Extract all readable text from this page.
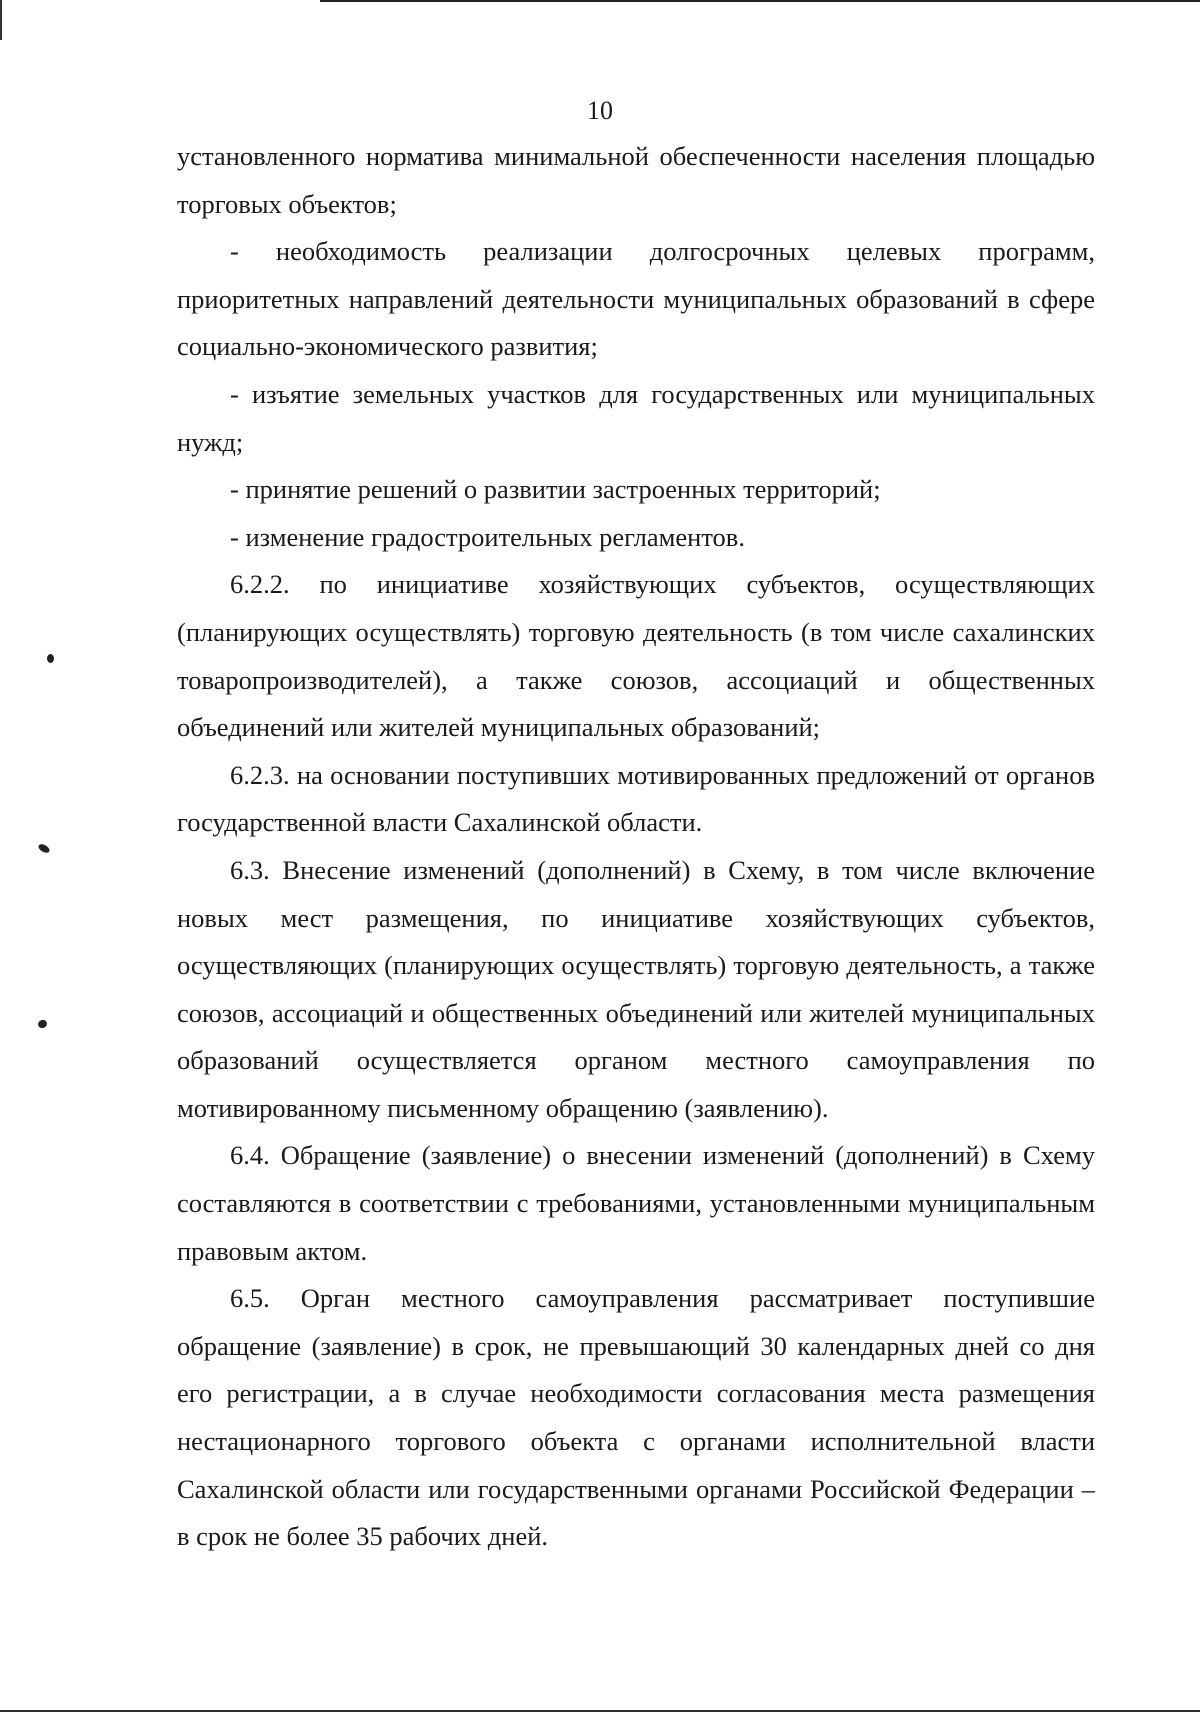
10

установленного норматива минимальной обеспеченности населения площадью торговых объектов;

- необходимость реализации долгосрочных целевых программ, приоритетных направлений деятельности муниципальных образований в сфере социально-экономического развития;

- изъятие земельных участков для государственных или муниципальных нужд;

- принятие решений о развитии застроенных территорий;

- изменение градостроительных регламентов.

6.2.2. по инициативе хозяйствующих субъектов, осуществляющих (планирующих осуществлять) торговую деятельность (в том числе сахалинских товаропроизводителей), а также союзов, ассоциаций и общественных объединений или жителей муниципальных образований;

6.2.3. на основании поступивших мотивированных предложений от органов государственной власти Сахалинской области.

6.3. Внесение изменений (дополнений) в Схему, в том числе включение новых мест размещения, по инициативе хозяйствующих субъектов, осуществляющих (планирующих осуществлять) торговую деятельность, а также союзов, ассоциаций и общественных объединений или жителей муниципальных образований осуществляется органом местного самоуправления по мотивированному письменному обращению (заявлению).

6.4. Обращение (заявление) о внесении изменений (дополнений) в Схему составляются в соответствии с требованиями, установленными муниципальным правовым актом.

6.5. Орган местного самоуправления рассматривает поступившие обращение (заявление) в срок, не превышающий 30 календарных дней со дня его регистрации, а в случае необходимости согласования места размещения нестационарного торгового объекта с органами исполнительной власти Сахалинской области или государственными органами Российской Федерации – в срок не более 35 рабочих дней.
